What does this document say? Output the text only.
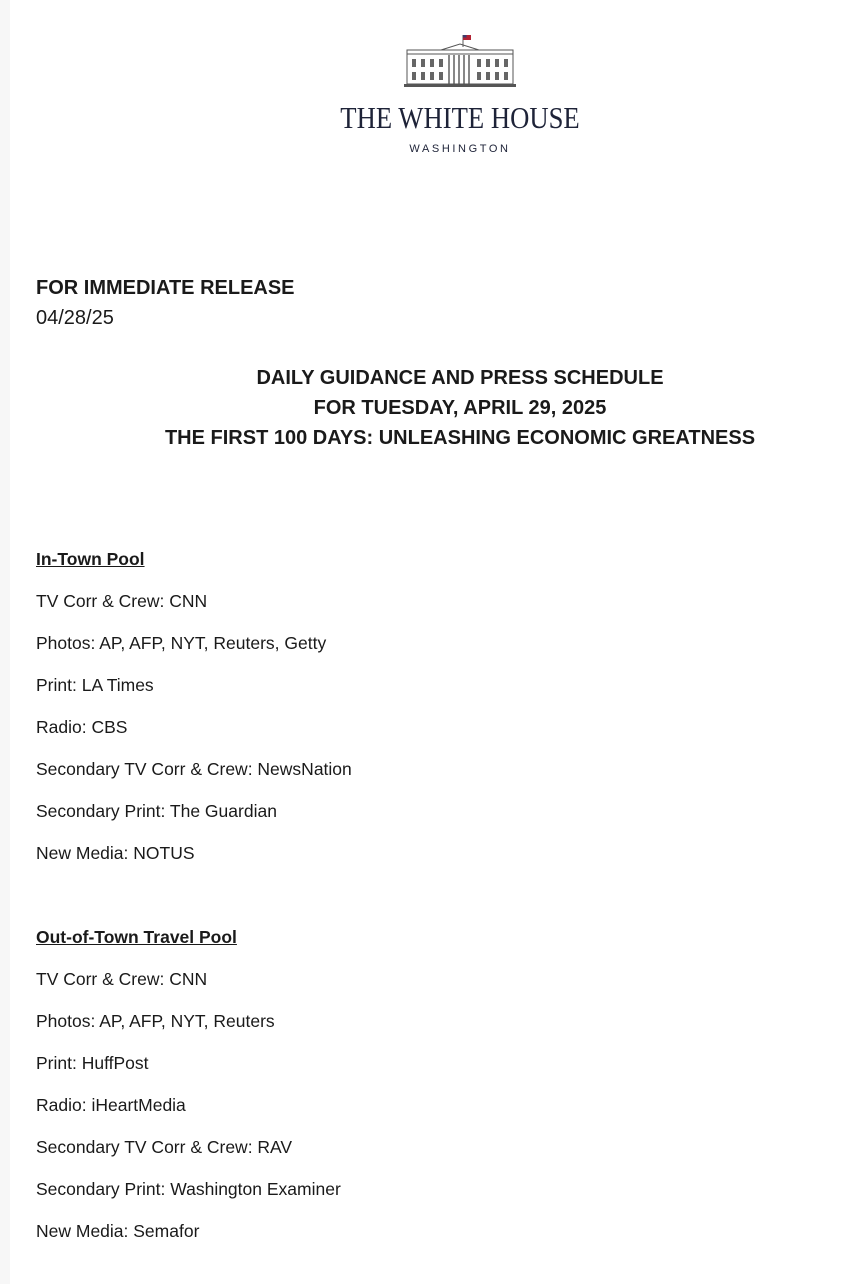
THE WHITE HOUSE
WASHINGTON
FOR IMMEDIATE RELEASE
04/28/25
DAILY GUIDANCE AND PRESS SCHEDULE
FOR TUESDAY, APRIL 29, 2025
THE FIRST 100 DAYS: UNLEASHING ECONOMIC GREATNESS
In-Town Pool
TV Corr & Crew: CNN
Photos: AP, AFP, NYT, Reuters, Getty
Print: LA Times
Radio: CBS
Secondary TV Corr & Crew: NewsNation
Secondary Print: The Guardian
New Media: NOTUS
Out-of-Town Travel Pool
TV Corr & Crew: CNN
Photos: AP, AFP, NYT, Reuters
Print: HuffPost
Radio: iHeartMedia
Secondary TV Corr & Crew: RAV
Secondary Print: Washington Examiner
New Media: Semafor
